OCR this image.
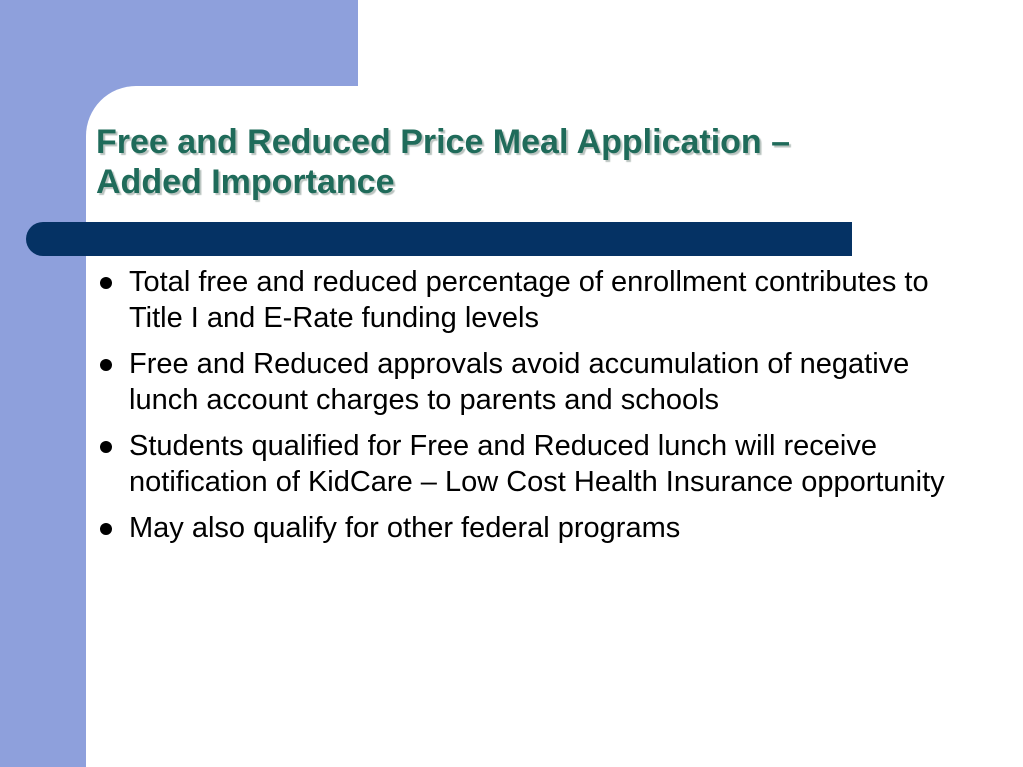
Free and Reduced Price Meal Application –
Added Importance
Total free and reduced percentage of enrollment contributes to Title I and E-Rate funding levels
Free and Reduced approvals avoid accumulation of negative lunch account charges to parents and schools
Students qualified for Free and Reduced lunch will receive notification of KidCare – Low Cost Health Insurance opportunity
May also qualify for other federal programs
